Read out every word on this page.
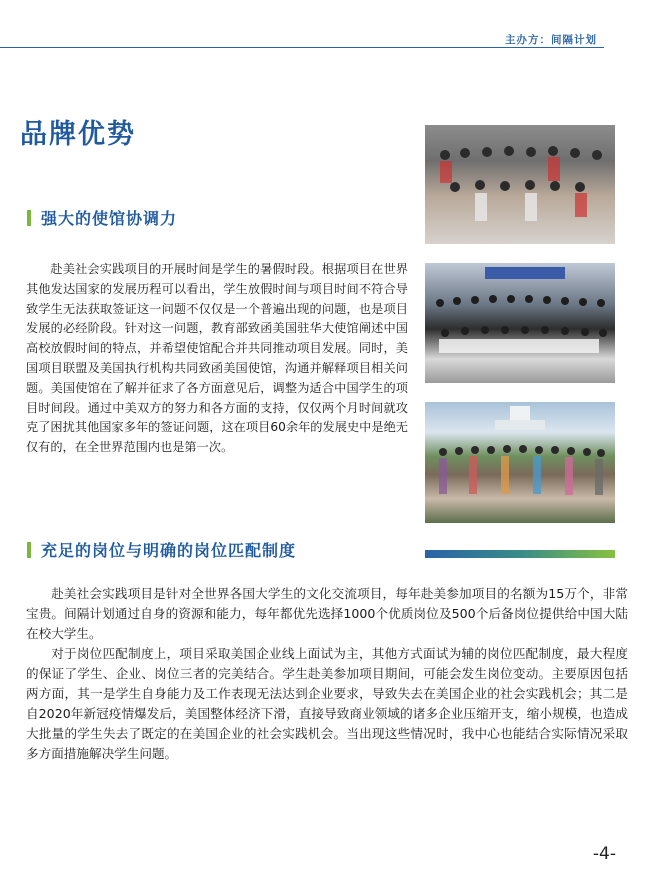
主办方：间隔计划
品牌优势
强大的使馆协调力
赴美社会实践项目的开展时间是学生的暑假时段。根据项目在世界其他发达国家的发展历程可以看出，学生放假时间与项目时间不符合导致学生无法获取签证这一问题不仅仅是一个普遍出现的问题，也是项目发展的必经阶段。针对这一问题，教育部致函美国驻华大使馆阐述中国高校放假时间的特点，并希望使馆配合并共同推动项目发展。同时，美国项目联盟及美国执行机构共同致函美国使馆，沟通并解释项目相关问题。美国使馆在了解并征求了各方面意见后，调整为适合中国学生的项目时间段。通过中美双方的努力和各方面的支持，仅仅两个月时间就攻克了困扰其他国家多年的签证问题，这在项目60余年的发展史中是绝无仅有的，在全世界范围内也是第一次。
充足的岗位与明确的岗位匹配制度

赴美社会实践项目是针对全世界各国大学生的文化交流项目，每年赴美参加项目的名额为15万个，非常宝贵。间隔计划通过自身的资源和能力，每年都优先选择1000个优质岗位及500个后备岗位提供给中国大陆在校大学生。

对于岗位匹配制度上，项目采取美国企业线上面试为主，其他方式面试为辅的岗位匹配制度，最大程度的保证了学生、企业、岗位三者的完美结合。学生赴美参加项目期间，可能会发生岗位变动。主要原因包括两方面，其一是学生自身能力及工作表现无法达到企业要求，导致失去在美国企业的社会实践机会；其二是自2020年新冠疫情爆发后，美国整体经济下滑，直接导致商业领域的诸多企业压缩开支，缩小规模，也造成大批量的学生失去了既定的在美国企业的社会实践机会。当出现这些情况时，我中心也能结合实际情况采取多方面措施解决学生问题。

-4-
